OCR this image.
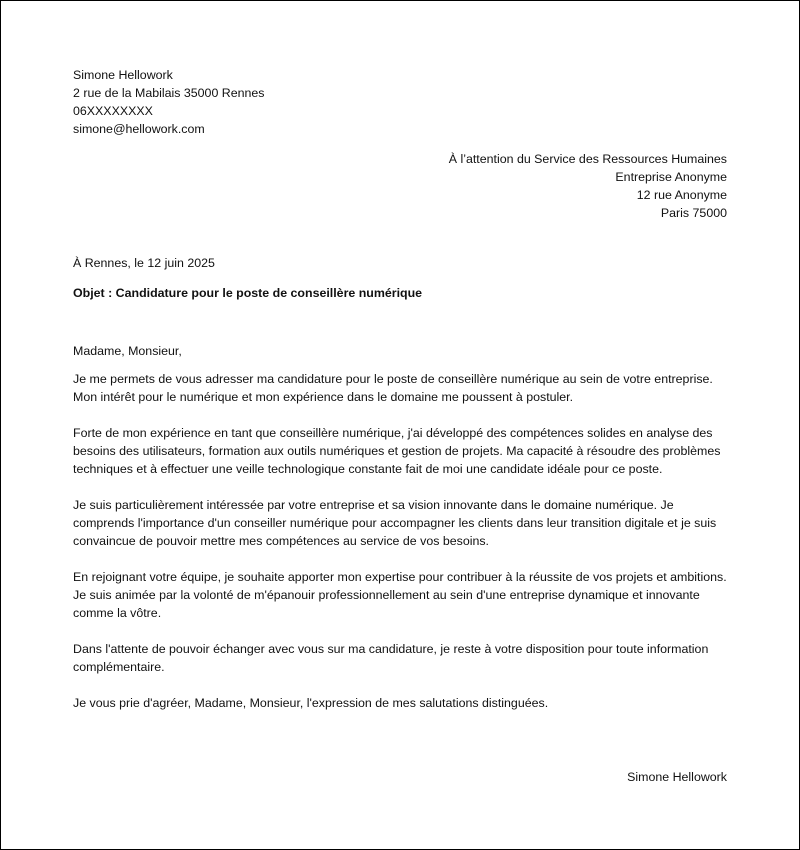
Simone Hellowork
2 rue de la Mabilais 35000 Rennes
06XXXXXXXX
simone@hellowork.com
À l’attention du Service des Ressources Humaines
Entreprise Anonyme
12 rue Anonyme
Paris 75000
À Rennes, le 12 juin 2025
Objet : Candidature pour le poste de conseillère numérique

Madame, Monsieur,

Je me permets de vous adresser ma candidature pour le poste de conseillère numérique au sein de votre entreprise. Mon intérêt pour le numérique et mon expérience dans le domaine me poussent à postuler.

Forte de mon expérience en tant que conseillère numérique, j'ai développé des compétences solides en analyse des besoins des utilisateurs, formation aux outils numériques et gestion de projets. Ma capacité à résoudre des problèmes techniques et à effectuer une veille technologique constante fait de moi une candidate idéale pour ce poste.

Je suis particulièrement intéressée par votre entreprise et sa vision innovante dans le domaine numérique. Je comprends l'importance d'un conseiller numérique pour accompagner les clients dans leur transition digitale et je suis convaincue de pouvoir mettre mes compétences au service de vos besoins.

En rejoignant votre équipe, je souhaite apporter mon expertise pour contribuer à la réussite de vos projets et ambitions. Je suis animée par la volonté de m'épanouir professionnellement au sein d'une entreprise dynamique et innovante comme la vôtre.

Dans l'attente de pouvoir échanger avec vous sur ma candidature, je reste à votre disposition pour toute information complémentaire.

Je vous prie d'agréer, Madame, Monsieur, l'expression de mes salutations distinguées.

Simone Hellowork
